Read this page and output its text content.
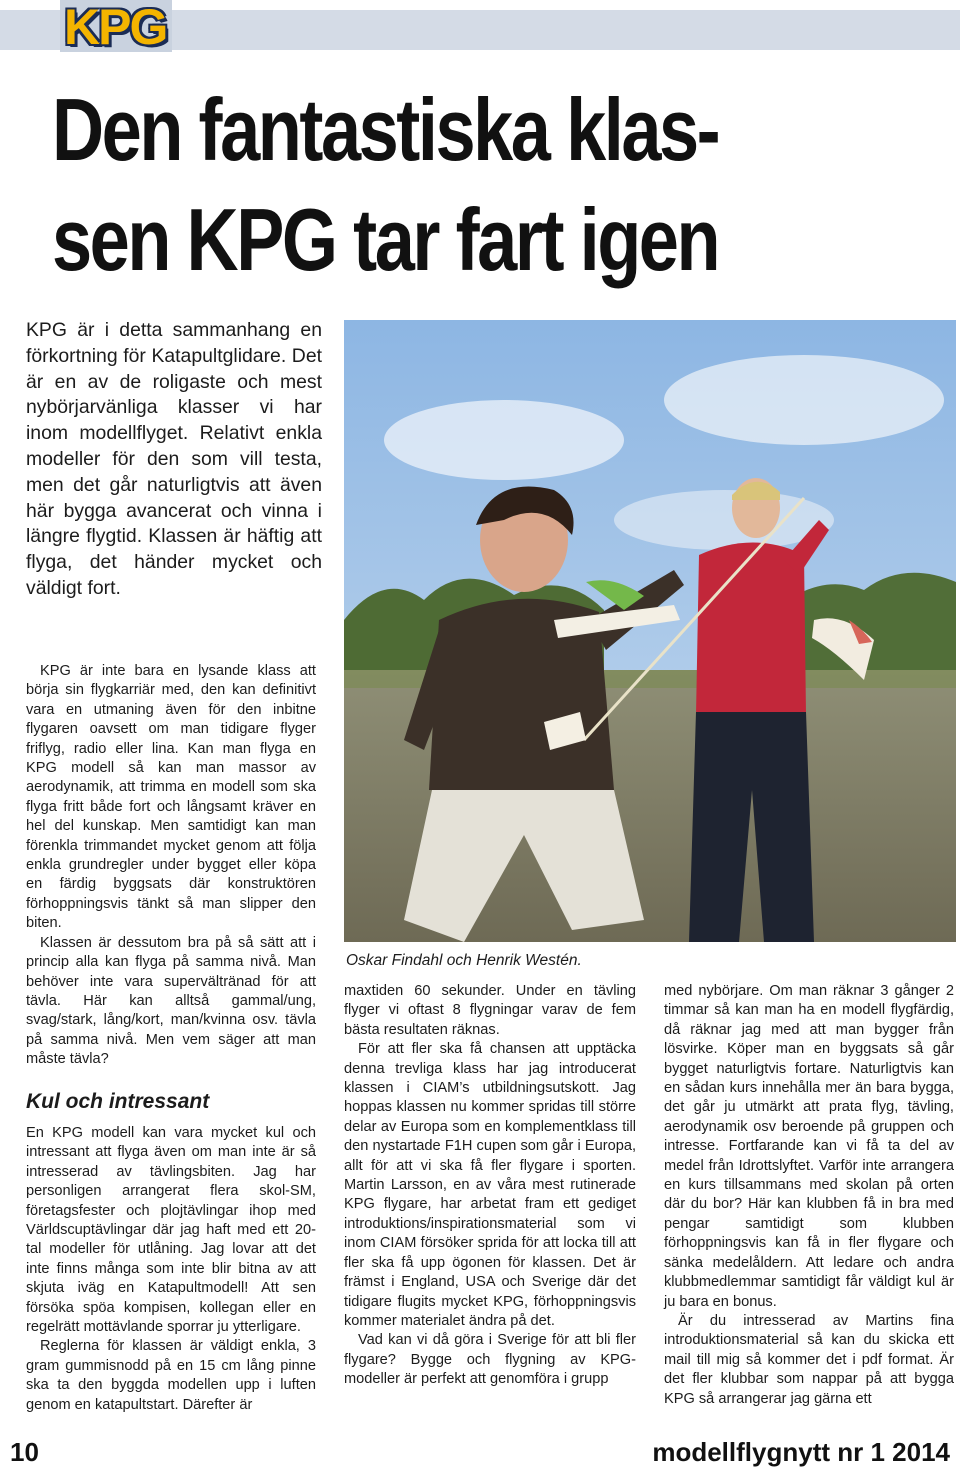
KPG
Den fantastiska klas-
sen KPG tar fart igen
KPG är i detta sammanhang en förkortning för Katapultglidare. Det är en av de roligaste och mest nybörjarvänliga klasser vi har inom modellflyget. Relativt enkla modeller för den som vill testa, men det går naturligtvis att även här bygga avancerat och vinna i längre flygtid. Klassen är häftig att flyga, det händer mycket och väldigt fort.

KPG är inte bara en lysande klass att börja sin flygkarriär med, den kan definitivt vara en utmaning även för den inbitne flygaren oavsett om man tidigare flyger friflyg, radio eller lina. Kan man flyga en KPG modell så kan man massor av aerodynamik, att trimma en modell som ska flyga fritt både fort och långsamt kräver en hel del kunskap. Men samtidigt kan man förenkla trimmandet mycket genom att följa enkla grundregler under bygget eller köpa en färdig byggsats där konstruktören förhoppningsvis tänkt så man slipper den biten.

Klassen är dessutom bra på så sätt att i princip alla kan flyga på samma nivå. Man behöver inte vara supervältränad för att tävla. Här kan alltså gammal/ung, svag/stark, lång/kort, man/kvinna osv. tävla på samma nivå. Men vem säger att man måste tävla?

Kul och intressant

En KPG modell kan vara mycket kul och intressant att flyga även om man inte är så intresserad av tävlingsbiten. Jag har personligen arrangerat flera skol-SM, företagsfester och plojtävlingar ihop med Världscuptävlingar där jag haft med ett 20-tal modeller för utlåning. Jag lovar att det inte finns många som inte blir bitna av att skjuta iväg en Katapultmodell! Att sen försöka spöa kompisen, kollegan eller en regelrätt mottävlande sporrar ju ytterligare.

Reglerna för klassen är väldigt enkla, 3 gram gummisnodd på en 15 cm lång pinne ska ta den byggda modellen upp i luften genom en katapultstart. Därefter är

Oskar Findahl och Henrik Westén.

maxtiden 60 sekunder. Under en tävling flyger vi oftast 8 flygningar varav de fem bästa resultaten räknas.

För att fler ska få chansen att upptäcka denna trevliga klass har jag introducerat klassen i CIAM’s utbildningsutskott. Jag hoppas klassen nu kommer spridas till större delar av Europa som en komplementklass till den nystartade F1H cupen som går i Europa, allt för att vi ska få fler flygare i sporten. Martin Larsson, en av våra mest rutinerade KPG flygare, har arbetat fram ett gediget introduktions/inspirationsmaterial som vi inom CIAM försöker sprida för att locka till att fler ska få upp ögonen för klassen. Det är främst i England, USA och Sverige där det tidigare flugits mycket KPG, förhoppningsvis kommer materialet ändra på det.

Vad kan vi då göra i Sverige för att bli fler flygare? Bygge och flygning av KPG-modeller är perfekt att genomföra i grupp

med nybörjare. Om man räknar 3 gånger 2 timmar så kan man ha en modell flygfärdig, då räknar jag med att man bygger från lösvirke. Köper man en byggsats så går bygget naturligtvis fortare. Naturligtvis kan en sådan kurs innehålla mer än bara bygga, det går ju utmärkt att prata flyg, tävling, aerodynamik osv beroende på gruppen och intresse. Fortfarande kan vi få ta del av medel från Idrottslyftet. Varför inte arrangera en kurs tillsammans med skolan på orten där du bor? Här kan klubben få in bra med pengar samtidigt som klubben förhoppningsvis kan få in fler flygare och sänka medelåldern. Att ledare och andra klubbmedlemmar samtidigt får väldigt kul är ju bara en bonus.

Är du intresserad av Martins fina introduktionsmaterial så kan du skicka ett mail till mig så kommer det i pdf format. Är det fler klubbar som nappar på att bygga KPG så arrangerar jag gärna ett

10	modellflygnytt nr 1 2014
